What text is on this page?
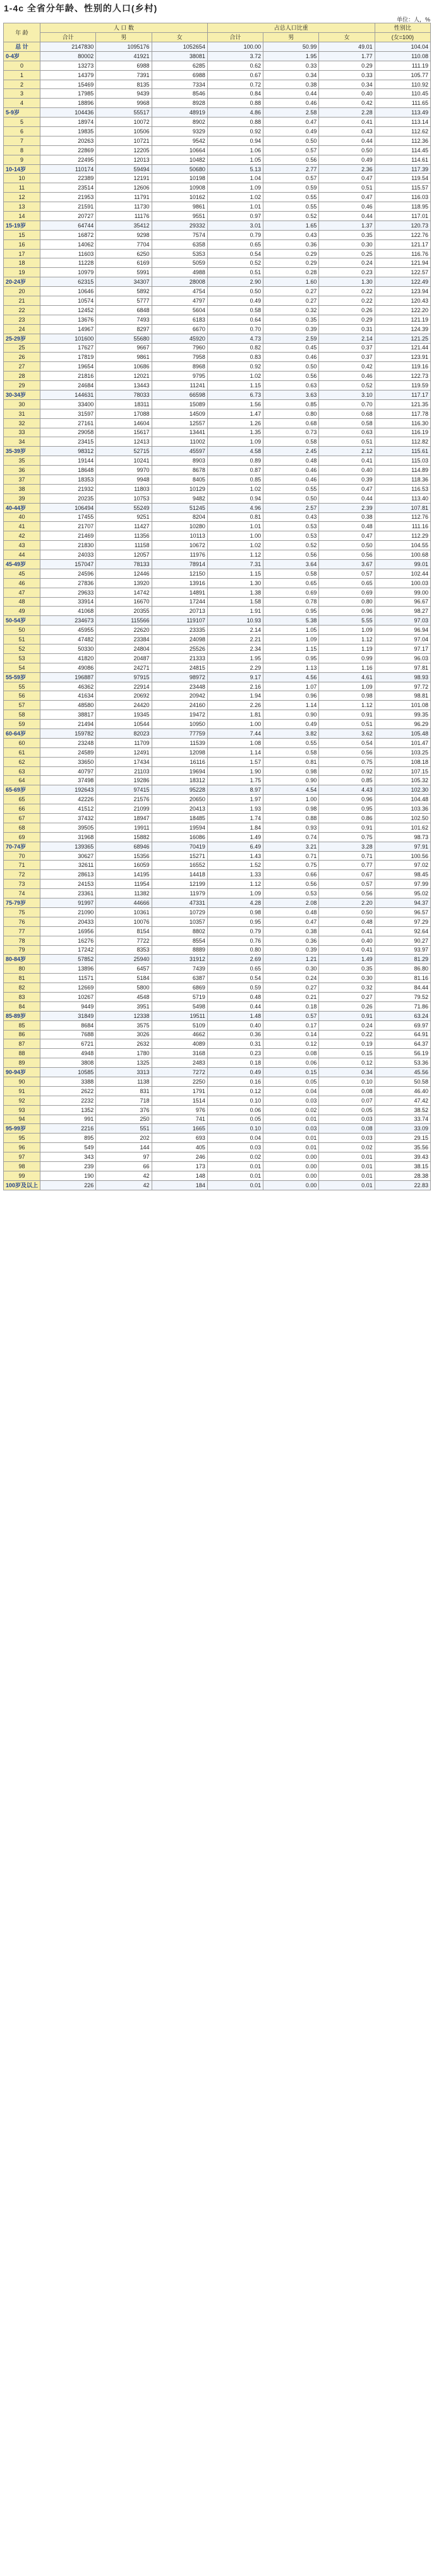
1-4c 全省分年龄、性别的人口(乡村)
单位：人，%
年 龄	人 口 数			占总人口比重			性别比
	合计	男	女	合计	男	女	(女=100)
总 计	2147830	1095176	1052654	100.00	50.99	49.01	104.04
0-4岁	80002	41921	38081	3.72	1.95	1.77	110.08
0	13273	6988	6285	0.62	0.33	0.29	111.19
1	14379	7391	6988	0.67	0.34	0.33	105.77
2	15469	8135	7334	0.72	0.38	0.34	110.92
3	17985	9439	8546	0.84	0.44	0.40	110.45
4	18896	9968	8928	0.88	0.46	0.42	111.65
5-9岁	104436	55517	48919	4.86	2.58	2.28	113.49
5	18974	10072	8902	0.88	0.47	0.41	113.14
6	19835	10506	9329	0.92	0.49	0.43	112.62
7	20263	10721	9542	0.94	0.50	0.44	112.36
8	22869	12205	10664	1.06	0.57	0.50	114.45
9	22495	12013	10482	1.05	0.56	0.49	114.61
10-14岁	110174	59494	50680	5.13	2.77	2.36	117.39
10	22389	12191	10198	1.04	0.57	0.47	119.54
11	23514	12606	10908	1.09	0.59	0.51	115.57
12	21953	11791	10162	1.02	0.55	0.47	116.03
13	21591	11730	9861	1.01	0.55	0.46	118.95
14	20727	11176	9551	0.97	0.52	0.44	117.01
15-19岁	64744	35412	29332	3.01	1.65	1.37	120.73
15	16872	9298	7574	0.79	0.43	0.35	122.76
16	14062	7704	6358	0.65	0.36	0.30	121.17
17	11603	6250	5353	0.54	0.29	0.25	116.76
18	11228	6169	5059	0.52	0.29	0.24	121.94
19	10979	5991	4988	0.51	0.28	0.23	122.57
20-24岁	62315	34307	28008	2.90	1.60	1.30	122.49
20	10646	5892	4754	0.50	0.27	0.22	123.94
21	10574	5777	4797	0.49	0.27	0.22	120.43
22	12452	6848	5604	0.58	0.32	0.26	122.20
23	13676	7493	6183	0.64	0.35	0.29	121.19
24	14967	8297	6670	0.70	0.39	0.31	124.39
25-29岁	101600	55680	45920	4.73	2.59	2.14	121.25
25	17627	9667	7960	0.82	0.45	0.37	121.44
26	17819	9861	7958	0.83	0.46	0.37	123.91
27	19654	10686	8968	0.92	0.50	0.42	119.16
28	21816	12021	9795	1.02	0.56	0.46	122.73
29	24684	13443	11241	1.15	0.63	0.52	119.59
30-34岁	144631	78033	66598	6.73	3.63	3.10	117.17
30	33400	18311	15089	1.56	0.85	0.70	121.35
31	31597	17088	14509	1.47	0.80	0.68	117.78
32	27161	14604	12557	1.26	0.68	0.58	116.30
33	29058	15617	13441	1.35	0.73	0.63	116.19
34	23415	12413	11002	1.09	0.58	0.51	112.82
35-39岁	98312	52715	45597	4.58	2.45	2.12	115.61
35	19144	10241	8903	0.89	0.48	0.41	115.03
36	18648	9970	8678	0.87	0.46	0.40	114.89
37	18353	9948	8405	0.85	0.46	0.39	118.36
38	21932	11803	10129	1.02	0.55	0.47	116.53
39	20235	10753	9482	0.94	0.50	0.44	113.40
40-44岁	106494	55249	51245	4.96	2.57	2.39	107.81
40	17455	9251	8204	0.81	0.43	0.38	112.76
41	21707	11427	10280	1.01	0.53	0.48	111.16
42	21469	11356	10113	1.00	0.53	0.47	112.29
43	21830	11158	10672	1.02	0.52	0.50	104.55
44	24033	12057	11976	1.12	0.56	0.56	100.68
45-49岁	157047	78133	78914	7.31	3.64	3.67	99.01
45	24596	12446	12150	1.15	0.58	0.57	102.44
46	27836	13920	13916	1.30	0.65	0.65	100.03
47	29633	14742	14891	1.38	0.69	0.69	99.00
48	33914	16670	17244	1.58	0.78	0.80	96.67
49	41068	20355	20713	1.91	0.95	0.96	98.27
50-54岁	234673	115566	119107	10.93	5.38	5.55	97.03
50	45955	22620	23335	2.14	1.05	1.09	96.94
51	47482	23384	24098	2.21	1.09	1.12	97.04
52	50330	24804	25526	2.34	1.15	1.19	97.17
53	41820	20487	21333	1.95	0.95	0.99	96.03
54	49086	24271	24815	2.29	1.13	1.16	97.81
55-59岁	196887	97915	98972	9.17	4.56	4.61	98.93
55	46362	22914	23448	2.16	1.07	1.09	97.72
56	41634	20692	20942	1.94	0.96	0.98	98.81
57	48580	24420	24160	2.26	1.14	1.12	101.08
58	38817	19345	19472	1.81	0.90	0.91	99.35
59	21494	10544	10950	1.00	0.49	0.51	96.29
60-64岁	159782	82023	77759	7.44	3.82	3.62	105.48
60	23248	11709	11539	1.08	0.55	0.54	101.47
61	24589	12491	12098	1.14	0.58	0.56	103.25
62	33650	17434	16116	1.57	0.81	0.75	108.18
63	40797	21103	19694	1.90	0.98	0.92	107.15
64	37498	19286	18312	1.75	0.90	0.85	105.32
65-69岁	192643	97415	95228	8.97	4.54	4.43	102.30
65	42226	21576	20650	1.97	1.00	0.96	104.48
66	41512	21099	20413	1.93	0.98	0.95	103.36
67	37432	18947	18485	1.74	0.88	0.86	102.50
68	39505	19911	19594	1.84	0.93	0.91	101.62
69	31968	15882	16086	1.49	0.74	0.75	98.73
70-74岁	139365	68946	70419	6.49	3.21	3.28	97.91
70	30627	15356	15271	1.43	0.71	0.71	100.56
71	32611	16059	16552	1.52	0.75	0.77	97.02
72	28613	14195	14418	1.33	0.66	0.67	98.45
73	24153	11954	12199	1.12	0.56	0.57	97.99
74	23361	11382	11979	1.09	0.53	0.56	95.02
75-79岁	91997	44666	47331	4.28	2.08	2.20	94.37
75	21090	10361	10729	0.98	0.48	0.50	96.57
76	20433	10076	10357	0.95	0.47	0.48	97.29
77	16956	8154	8802	0.79	0.38	0.41	92.64
78	16276	7722	8554	0.76	0.36	0.40	90.27
79	17242	8353	8889	0.80	0.39	0.41	93.97
80-84岁	57852	25940	31912	2.69	1.21	1.49	81.29
80	13896	6457	7439	0.65	0.30	0.35	86.80
81	11571	5184	6387	0.54	0.24	0.30	81.16
82	12669	5800	6869	0.59	0.27	0.32	84.44
83	10267	4548	5719	0.48	0.21	0.27	79.52
84	9449	3951	5498	0.44	0.18	0.26	71.86
85-89岁	31849	12338	19511	1.48	0.57	0.91	63.24
85	8684	3575	5109	0.40	0.17	0.24	69.97
86	7688	3026	4662	0.36	0.14	0.22	64.91
87	6721	2632	4089	0.31	0.12	0.19	64.37
88	4948	1780	3168	0.23	0.08	0.15	56.19
89	3808	1325	2483	0.18	0.06	0.12	53.36
90-94岁	10585	3313	7272	0.49	0.15	0.34	45.56
90	3388	1138	2250	0.16	0.05	0.10	50.58
91	2622	831	1791	0.12	0.04	0.08	46.40
92	2232	718	1514	0.10	0.03	0.07	47.42
93	1352	376	976	0.06	0.02	0.05	38.52
94	991	250	741	0.05	0.01	0.03	33.74
95-99岁	2216	551	1665	0.10	0.03	0.08	33.09
95	895	202	693	0.04	0.01	0.03	29.15
96	549	144	405	0.03	0.01	0.02	35.56
97	343	97	246	0.02	0.00	0.01	39.43
98	239	66	173	0.01	0.00	0.01	38.15
99	190	42	148	0.01	0.00	0.01	28.38
100岁及以上	226	42	184	0.01	0.00	0.01	22.83
